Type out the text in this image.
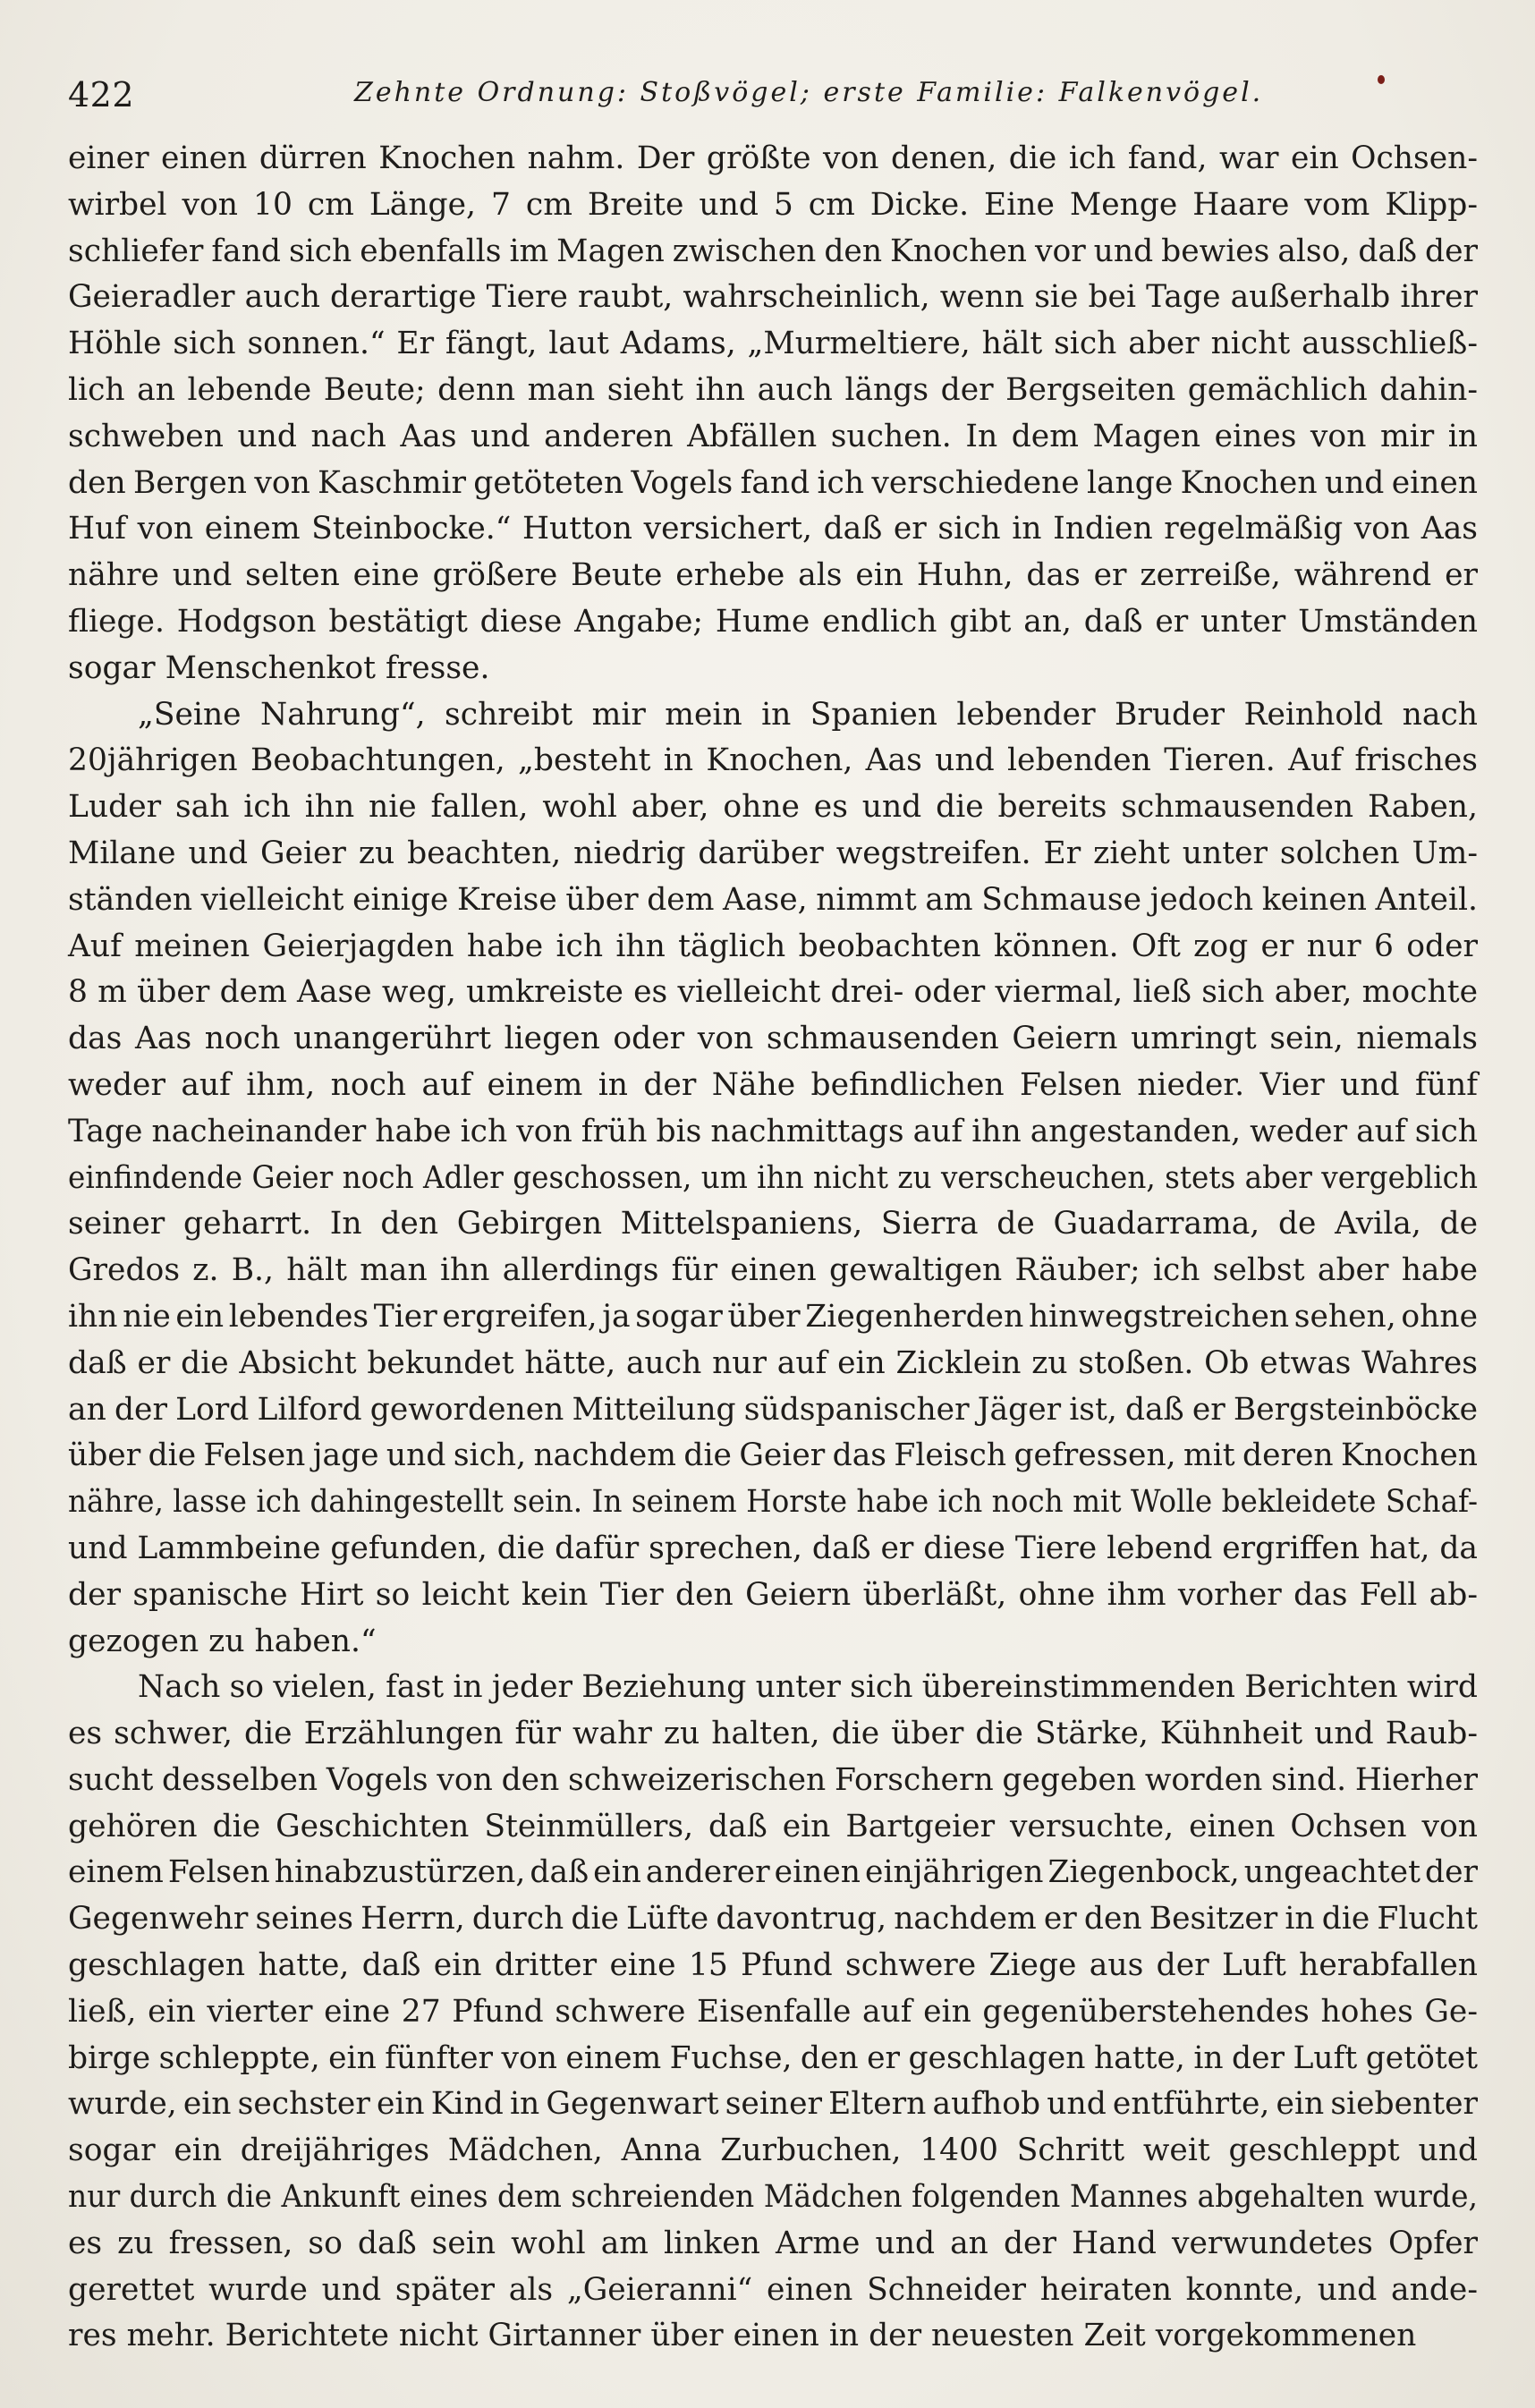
422	Zehnte Ordnung: Stoßvögel; erste Familie: Falkenvögel.
einer einen dürren Knochen nahm. Der größte von denen, die ich fand, war ein Ochsen-
wirbel von 10 cm Länge, 7 cm Breite und 5 cm Dicke. Eine Menge Haare vom Klipp-
schliefer fand sich ebenfalls im Magen zwischen den Knochen vor und bewies also, daß der
Geieradler auch derartige Tiere raubt, wahrscheinlich, wenn sie bei Tage außerhalb ihrer
Höhle sich sonnen.“ Er fängt, laut Adams, „Murmeltiere, hält sich aber nicht ausschließ-
lich an lebende Beute; denn man sieht ihn auch längs der Bergseiten gemächlich dahin-
schweben und nach Aas und anderen Abfällen suchen. In dem Magen eines von mir in
den Bergen von Kaschmir getöteten Vogels fand ich verschiedene lange Knochen und einen
Huf von einem Steinbocke.“ Hutton versichert, daß er sich in Indien regelmäßig von Aas
nähre und selten eine größere Beute erhebe als ein Huhn, das er zerreiße, während er
fliege. Hodgson bestätigt diese Angabe; Hume endlich gibt an, daß er unter Umständen
sogar Menschenkot fresse.
„Seine Nahrung“, schreibt mir mein in Spanien lebender Bruder Reinhold nach
20jährigen Beobachtungen, „besteht in Knochen, Aas und lebenden Tieren. Auf frisches
Luder sah ich ihn nie fallen, wohl aber, ohne es und die bereits schmausenden Raben,
Milane und Geier zu beachten, niedrig darüber wegstreifen. Er zieht unter solchen Um-
ständen vielleicht einige Kreise über dem Aase, nimmt am Schmause jedoch keinen Anteil.
Auf meinen Geierjagden habe ich ihn täglich beobachten können. Oft zog er nur 6 oder
8 m über dem Aase weg, umkreiste es vielleicht drei- oder viermal, ließ sich aber, mochte
das Aas noch unangerührt liegen oder von schmausenden Geiern umringt sein, niemals
weder auf ihm, noch auf einem in der Nähe befindlichen Felsen nieder. Vier und fünf
Tage nacheinander habe ich von früh bis nachmittags auf ihn angestanden, weder auf sich
einfindende Geier noch Adler geschossen, um ihn nicht zu verscheuchen, stets aber vergeblich
seiner geharrt. In den Gebirgen Mittelspaniens, Sierra de Guadarrama, de Avila, de
Gredos z. B., hält man ihn allerdings für einen gewaltigen Räuber; ich selbst aber habe
ihn nie ein lebendes Tier ergreifen, ja sogar über Ziegenherden hinwegstreichen sehen, ohne
daß er die Absicht bekundet hätte, auch nur auf ein Zicklein zu stoßen. Ob etwas Wahres
an der Lord Lilford gewordenen Mitteilung südspanischer Jäger ist, daß er Bergsteinböcke
über die Felsen jage und sich, nachdem die Geier das Fleisch gefressen, mit deren Knochen
nähre, lasse ich dahingestellt sein. In seinem Horste habe ich noch mit Wolle bekleidete Schaf-
und Lammbeine gefunden, die dafür sprechen, daß er diese Tiere lebend ergriffen hat, da
der spanische Hirt so leicht kein Tier den Geiern überläßt, ohne ihm vorher das Fell ab-
gezogen zu haben.“
Nach so vielen, fast in jeder Beziehung unter sich übereinstimmenden Berichten wird
es schwer, die Erzählungen für wahr zu halten, die über die Stärke, Kühnheit und Raub-
sucht desselben Vogels von den schweizerischen Forschern gegeben worden sind. Hierher
gehören die Geschichten Steinmüllers, daß ein Bartgeier versuchte, einen Ochsen von
einem Felsen hinabzustürzen, daß ein anderer einen einjährigen Ziegenbock, ungeachtet der
Gegenwehr seines Herrn, durch die Lüfte davontrug, nachdem er den Besitzer in die Flucht
geschlagen hatte, daß ein dritter eine 15 Pfund schwere Ziege aus der Luft herabfallen
ließ, ein vierter eine 27 Pfund schwere Eisenfalle auf ein gegenüberstehendes hohes Ge-
birge schleppte, ein fünfter von einem Fuchse, den er geschlagen hatte, in der Luft getötet
wurde, ein sechster ein Kind in Gegenwart seiner Eltern aufhob und entführte, ein siebenter
sogar ein dreijähriges Mädchen, Anna Zurbuchen, 1400 Schritt weit geschleppt und
nur durch die Ankunft eines dem schreienden Mädchen folgenden Mannes abgehalten wurde,
es zu fressen, so daß sein wohl am linken Arme und an der Hand verwundetes Opfer
gerettet wurde und später als „Geieranni“ einen Schneider heiraten konnte, und ande-
res mehr. Berichtete nicht Girtanner über einen in der neuesten Zeit vorgekommenen
